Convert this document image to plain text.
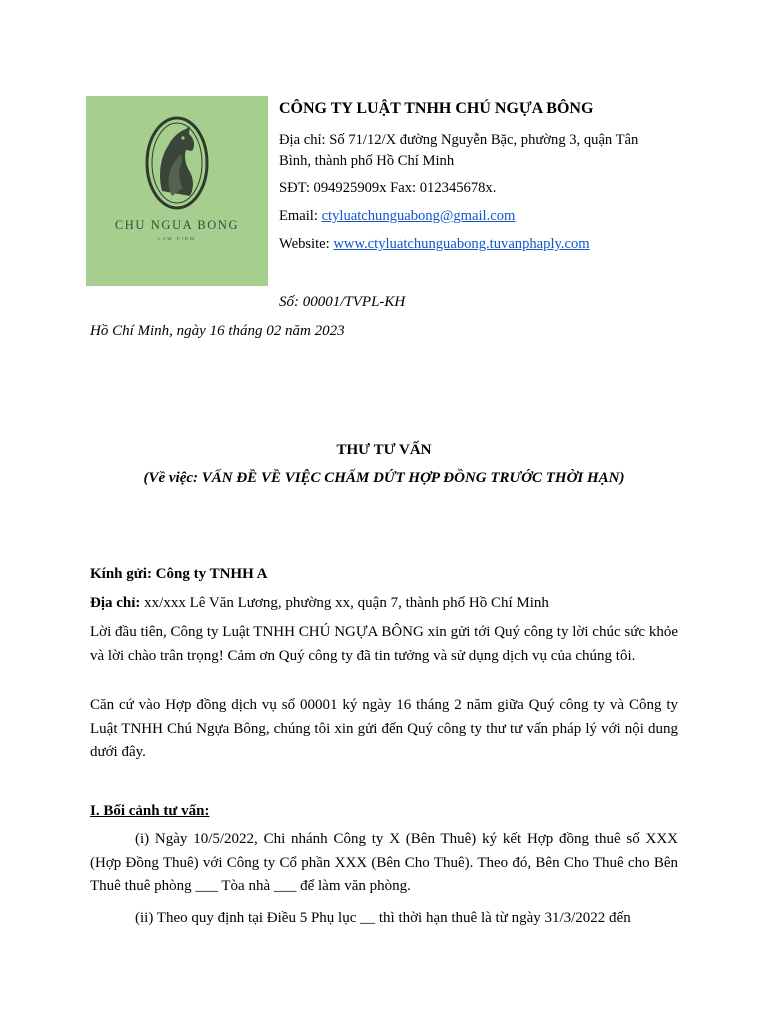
CHU NGUA BONG
LAW FIRM
CÔNG TY LUẬT TNHH CHÚ NGỰA BÔNG
Địa chỉ: Số 71/12/X đường Nguyễn Bặc, phường 3, quận Tân Bình, thành phố Hồ Chí Minh
SĐT: 094925909x Fax: 012345678x.
Email: ctyluatchunguabong@gmail.com
Website: www.ctyluatchunguabong.tuvanphaply.com
Số: 00001/TVPL-KH
Hồ Chí Minh, ngày 16 tháng 02 năm 2023
THƯ TƯ VẤN
(Về việc: VẤN ĐỀ VỀ VIỆC CHẤM DỨT HỢP ĐỒNG TRƯỚC THỜI HẠN)
Kính gửi: Công ty TNHH A
Địa chỉ: xx/xxx Lê Văn Lương, phường xx, quận 7, thành phố Hồ Chí Minh
Lời đầu tiên, Công ty Luật TNHH CHÚ NGỰA BÔNG xin gửi tới Quý công ty lời chúc sức khỏe và lời chào trân trọng! Cảm ơn Quý công ty đã tin tưởng và sử dụng dịch vụ của chúng tôi.
Căn cứ vào Hợp đồng dịch vụ số 00001 ký ngày 16 tháng 2 năm giữa Quý công ty và Công ty Luật TNHH Chú Ngựa Bông, chúng tôi xin gửi đến Quý công ty thư tư vấn pháp lý với nội dung dưới đây.
I. Bối cảnh tư vấn:
(i) Ngày 10/5/2022, Chi nhánh Công ty X (Bên Thuê) ký kết Hợp đồng thuê số XXX (Hợp Đồng Thuê) với Công ty Cổ phần XXX (Bên Cho Thuê). Theo đó, Bên Cho Thuê cho Bên Thuê thuê phòng ___ Tòa nhà ___ để làm văn phòng.
(ii) Theo quy định tại Điều 5 Phụ lục __ thì thời hạn thuê là từ ngày 31/3/2022 đến
